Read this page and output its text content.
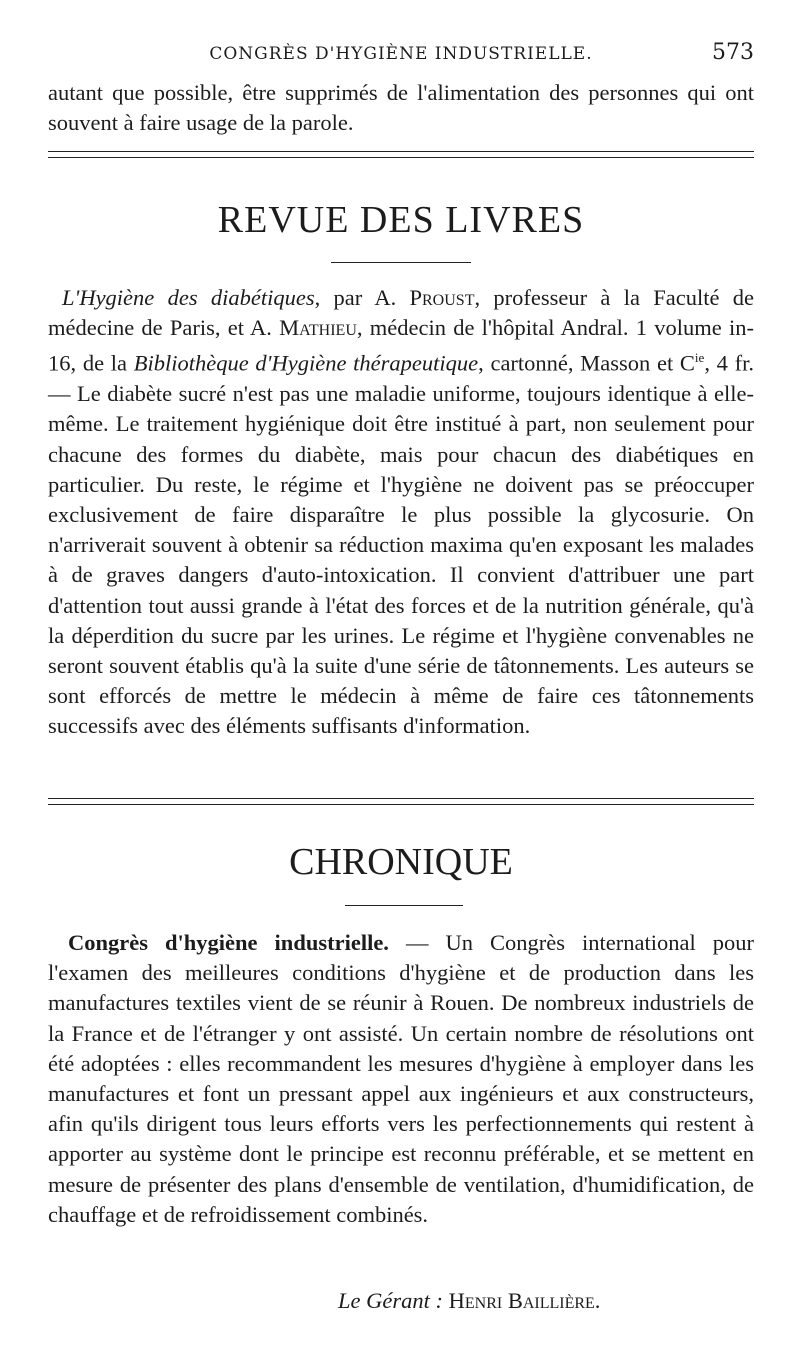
CONGRÈS D'HYGIÈNE INDUSTRIELLE.	573

autant que possible, être supprimés de l'alimentation des personnes qui ont souvent à faire usage de la parole.

REVUE DES LIVRES

L'Hygiène des diabétiques, par A. Proust, professeur à la Faculté de médecine de Paris, et A. Mathieu, médecin de l'hôpital Andral. 1 volume in-16, de la Bibliothèque d'Hygiène thérapeutique, cartonné, Masson et $C^{ie}$, 4 fr. — Le diabète sucré n'est pas une maladie uniforme, toujours identique à elle-même. Le traitement hygiénique doit être institué à part, non seulement pour chacune des formes du diabète, mais pour chacun des diabétiques en particulier. Du reste, le régime et l'hygiène ne doivent pas se préoccuper exclusivement de faire disparaître le plus possible la glycosurie. On n'arriverait souvent à obtenir sa réduction maxima qu'en exposant les malades à de graves dangers d'auto-intoxication. Il convient d'attribuer une part d'attention tout aussi grande à l'état des forces et de la nutrition générale, qu'à la déperdition du sucre par les urines. Le régime et l'hygiène convenables ne seront souvent établis qu'à la suite d'une série de tâtonnements. Les auteurs se sont efforcés de mettre le médecin à même de faire ces tâtonnements successifs avec des éléments suffisants d'information.

CHRONIQUE

Congrès d'hygiène industrielle. — Un Congrès international pour l'examen des meilleures conditions d'hygiène et de production dans les manufactures textiles vient de se réunir à Rouen. De nombreux industriels de la France et de l'étranger y ont assisté. Un certain nombre de résolutions ont été adoptées : elles recommandent les mesures d'hygiène à employer dans les manufactures et font un pressant appel aux ingénieurs et aux constructeurs, afin qu'ils dirigent tous leurs efforts vers les perfectionnements qui restent à apporter au système dont le principe est reconnu préférable, et se mettent en mesure de présenter des plans d'ensemble de ventilation, d'humidification, de chauffage et de refroidissement combinés.

Le Gérant : Henri Baillière.
